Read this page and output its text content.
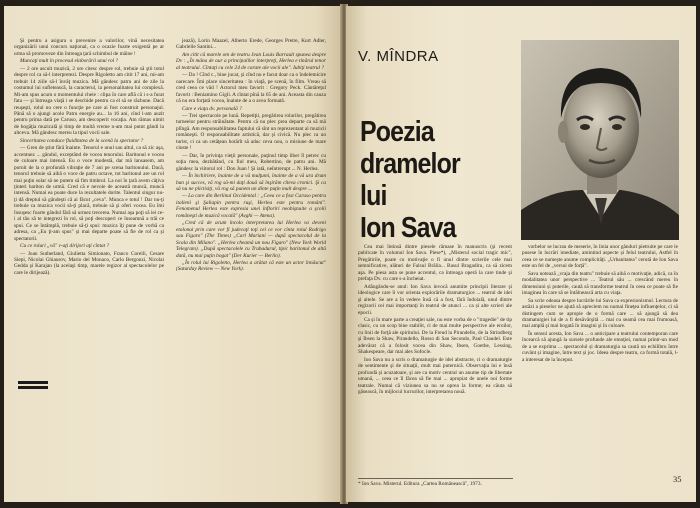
Şi pentru a asigura o prevenire a valorilor, vină necesitatea organizării unui concurs naţional, ca o ocazie foarte exigentă pe ar urma să promoveze din întreaga ţară schimbul de mâine !

Muncaţi mult în procesul elaborării unui rol ?

— 2 ore ascult muzică, 2 ore citesc despre rol, trebuie să ştii totul despre rol ca să-l interpretezi. Despre Rigoletto am citit 17 ani, mi-am trebuit 14 ziile să-l învăţ muzica. Mă gândesc patru ani de zile la costumul lui sufletească, la caracterul, la personalitatea lui complexă. Mi-am spus acum o momentului cheie : clipa în care află că i s-a furat fata — şi întreaga viaţă i se deschide pentru ca el să se răzbune. Dacă reuşeşti, rolul nu cere o funcţie pe care ai fost construit personajul. Până să o ajungi acolo Patru energie au... la 16 ani, cînd l-am auzit pentru prima dată pe Caruso, am descoperit vocaţia. Am rămas uimit de bogăţia muzicală şi timp de multă vreme n-am mai putut gândi la altceva. Mă gândesc mereu la tipul vocii sale.

Sinceritatea conduce fluiditatea de la scenă la spectator ?

— Greu de ştiut fără înainte. Tenorul e unul sau altul, ca să zic aşa, accentuez ... gândul, exceptând de vocea tenorului. Baritonul e vocea de culoare mai intensă. Eu o voce modestă, dar mă lansasem, am pornit de la o profundă vibraţie de 7 ani pe scena baritonului. Dacă, tenorul trebuie să aibă o voce de patru octave, tot baritonul are un rol mai puţin solar să ne putem să fim timbrul. La noi în ţară avem câţiva ţinteri bariton de urmă. Cred că e nevoie de această muncă, muncă intensă. Numai ea poate duce la rezultatele dorite. Talentul singur nu-ţi dă dreptul să gândeşti că ai făcut „ceva". Munca e totul ! Dar nu-ţi trebuie ca muzica vocii să-ţi placă, trebuie să şi oferi vocea. Eu îmi însuşesc foarte gândul fără să urmez trecerea. Numai aşa poţi să iei ce-i al tău să te integrezi în rol, să poţi descoperi ce înseamnă a trăi ce spui. Ce se întâmplă, trebuie să-ţi spui: muzica îţi pune de vorbă ca adresa, ca „Eu ţi-am spus" şi mai departe poate să fie de rol ca şi spectatorii.

Cu ce roluri „vă" v-aţi dirijori aţi cîntat ?

— Joan Sutherland, Giulietta Simionato, Franco Corelli, Cesare Siepi, Nicolai Ghiaurov, Mario del Monaco, Carlo Bergonzi, Nicolai Gedda şi Karajan (la acelaşi timp, marele regizor al spectacolelor pe care le dirijează).

jează), Lorin Maazel, Alberto Erede, Georges Pretre, Kurt Adler, Gabrielle Santini...

Am citit că marele om de teatru Jean Louis Barrault spunea despre Dv : „În mâna de aur a principalilor interpreţi, Herlea e tinărul tenor al teatrului. Cîntaţi cu cele 24 de carate ale vocii ale". Iubiţi teatrul ?

— Da ! Cînd c., bine jucat, şi cînd nu e facut doar ca o îndeletnicire oarecare. Îmi place sinceritatea : în viaţă, pe scenă, în film. Vreau să cred ceea ce văd ! Actorul meu favorit : Gregory Peck. Cântăreţul favorit : Beniamino Gigli. A cîntat pînă la 65 de ani. Aceasta din cauza că nu era forţată vocea, înainte de a o avea formată.

Care e viaţa dv. personală ?

— Trei spectacole pe lună. Repetiţii, pregătirea rolurilor, pregătirea turneelor pentru străinătate. Pentru că nu plec prea departe ca să mă plîngă. Am responsabilitatea faptului că sînt un reprezentant al muzicii româneşti. O responsabilitate artistică, dar şi civică. Nu plec ca un turist, ci ca un cetăţean hotărît să aduc ceva nou, o misiune de mare cinste !

— Dar, în privinţa vieţii personale, puţinul timp liber îl petrec cu soţia mea, dezbătând, cu fiul meu, Robertino, de patru ani. Mă gândesc la viitorul rol : Don Juan ! Şi iată, neîntrerupt ... N. Herlea.

— În închiriere, înainte de a vă mulţumi, înainte de a vă ura drum bun şi succes, vă rog să-mi daţi două să înşirăm cîteva cronici. Şi ca să nu ne plictisiţi, vă rog să punem un dinte puţin mult despre ...

— La care din Berlinul Occidental : „Ceea ce a fost Caruso pentru italieni şi Şaliapin pentru ruşi, Herlea este pentru români". Fenomenul Herlea este expresia unei înfloriri neobişnuite a şcolii româneşti de muzică vocală" (Avghi — Atena).

„Cred că de acum încolo interpretarea lui Herlea va deveni etalonul prin care vor fi judecaţi toţi cei ce vor cînta rolul Rodrigo sau Figaro" (The Times) „Carl Mariani — după spectacolul de la Scala din Milano". „Herlea cheamă un nou Figaro" (New York World Telegram). „După spectacolele cu Trubadurul, tipic baritonul de altă dată, nu mai puţin bogat" (Der Kurier — Berlin).

„În rolul lui Rigoletto, Herlea a arătat că este un actor înnăscut" (Saturday Review — New York).

V. MÎNDRA
Poezia
dramelor
lui
Ion Sava

Cea mai întinsă dintre piesele rămase în manuscris (şi recent publicate în volumul Ion Sava. Piese*), „Misterul social tragic mic", Pregătirile, poate cu motivaţie o fi unul dintre scrierile cele mai semnificative, alături de Falsul Brăila... Basul Bragadiru, ca să zicem aşa. Pe piesa asta se pune accentul, ca întreaga operă la care tinde şi prefaţa Dv. cu care s-a încheiat.

Adăugându-se anul: Ion Sava invocă anumite principii literare şi ideologice care îi vor orienta explorările dramaturgice ... teatrul de idei şi altele. Se are a în vedere însă că a fost, fără îndoială, unul dintre regizorii cei mai importanţi în teatrul de atunci ... ca și alte scrieri ale epocii.

Ca și în mare parte a creaţiei sale, nu este vorba de o "tragedie" de tip clasic, cu un scop bine stabilit, ci de mai multe perspective ale eroilor, cu linii de forţă ale spiritului. De la Freud la Pirandello, de la Strindberg şi Ibsen la Shaw, Pirandello, Rosso di San Secondo, Paul Claudel. Este adevărat că a folosit vocea din Shaw, Ibsen, Goethe, Lessing, Shakespeare, dar mai ales Sofocle.

Ion Sava nu a scris o dramaturgie de idei abstracte, ci o dramaturgie de sentimente şi de situaţii, mult mai puternică. Observaţia lui e însă profundă şi acuzatoare, şi are ca motiv central un anume tip de libertate umană, ... ceea ce îl făcea să fie mai ... apropiat de unele noi forme teatrale. Numai că viziunea sa nu se oprea la forme; ea căuta să găsească, în mijlocul lucrurilor, interpretarea nouă.

vorbelor se lucrau de meserie, în linia unor gânduri pietruite pe care le pusese în lucrări imediate, amintind aspecte și felul teatrului, Astfel în ceea ce se numeşte anume complicităţi. „Urbanitatea" cerută de Ion Sava este un fel de „versul de forţă".

Sava notează „vraja din teatru" trebuie să aibă o motivaţie, adică, ca în modalitatea unor perspective ... Teatrul său ... crescând mereu în dimensiuni și puterile, caută să transforme teatrul în ceea ce poate să fie imaginea în care să se întâlnească arta cu viaţa.

Sa scrie odeasa despre lucrările lui Sava ca expresionismul. Lectura de astăzi a pieselor ne ajută să apreciem nu numai fineţea influenţelor, ci să distingem cum se apropie de o formă care ... să ajungă să dea dramaturgiei lui de a fi desăvârşită ... mai cu seamă cea mai frumoasă, mai amplă şi mai bogată în imagini şi în culoare.

În sensul acesta, Ion Sava ... o anticipare a teatrului contemporan care încearcă să ajungă la sursele profunde ale emoţiei, numai printr-un mod de a se exprima ... spectacolul și dramaturgia sa caută un echilibru între cuvânt și imagine, între text și joc. Ideea despre teatru, ca formă totală, l-a interesat de la început.

* Ion Sava. Misterul. Editura „Cartea Românească", 1973.	35
